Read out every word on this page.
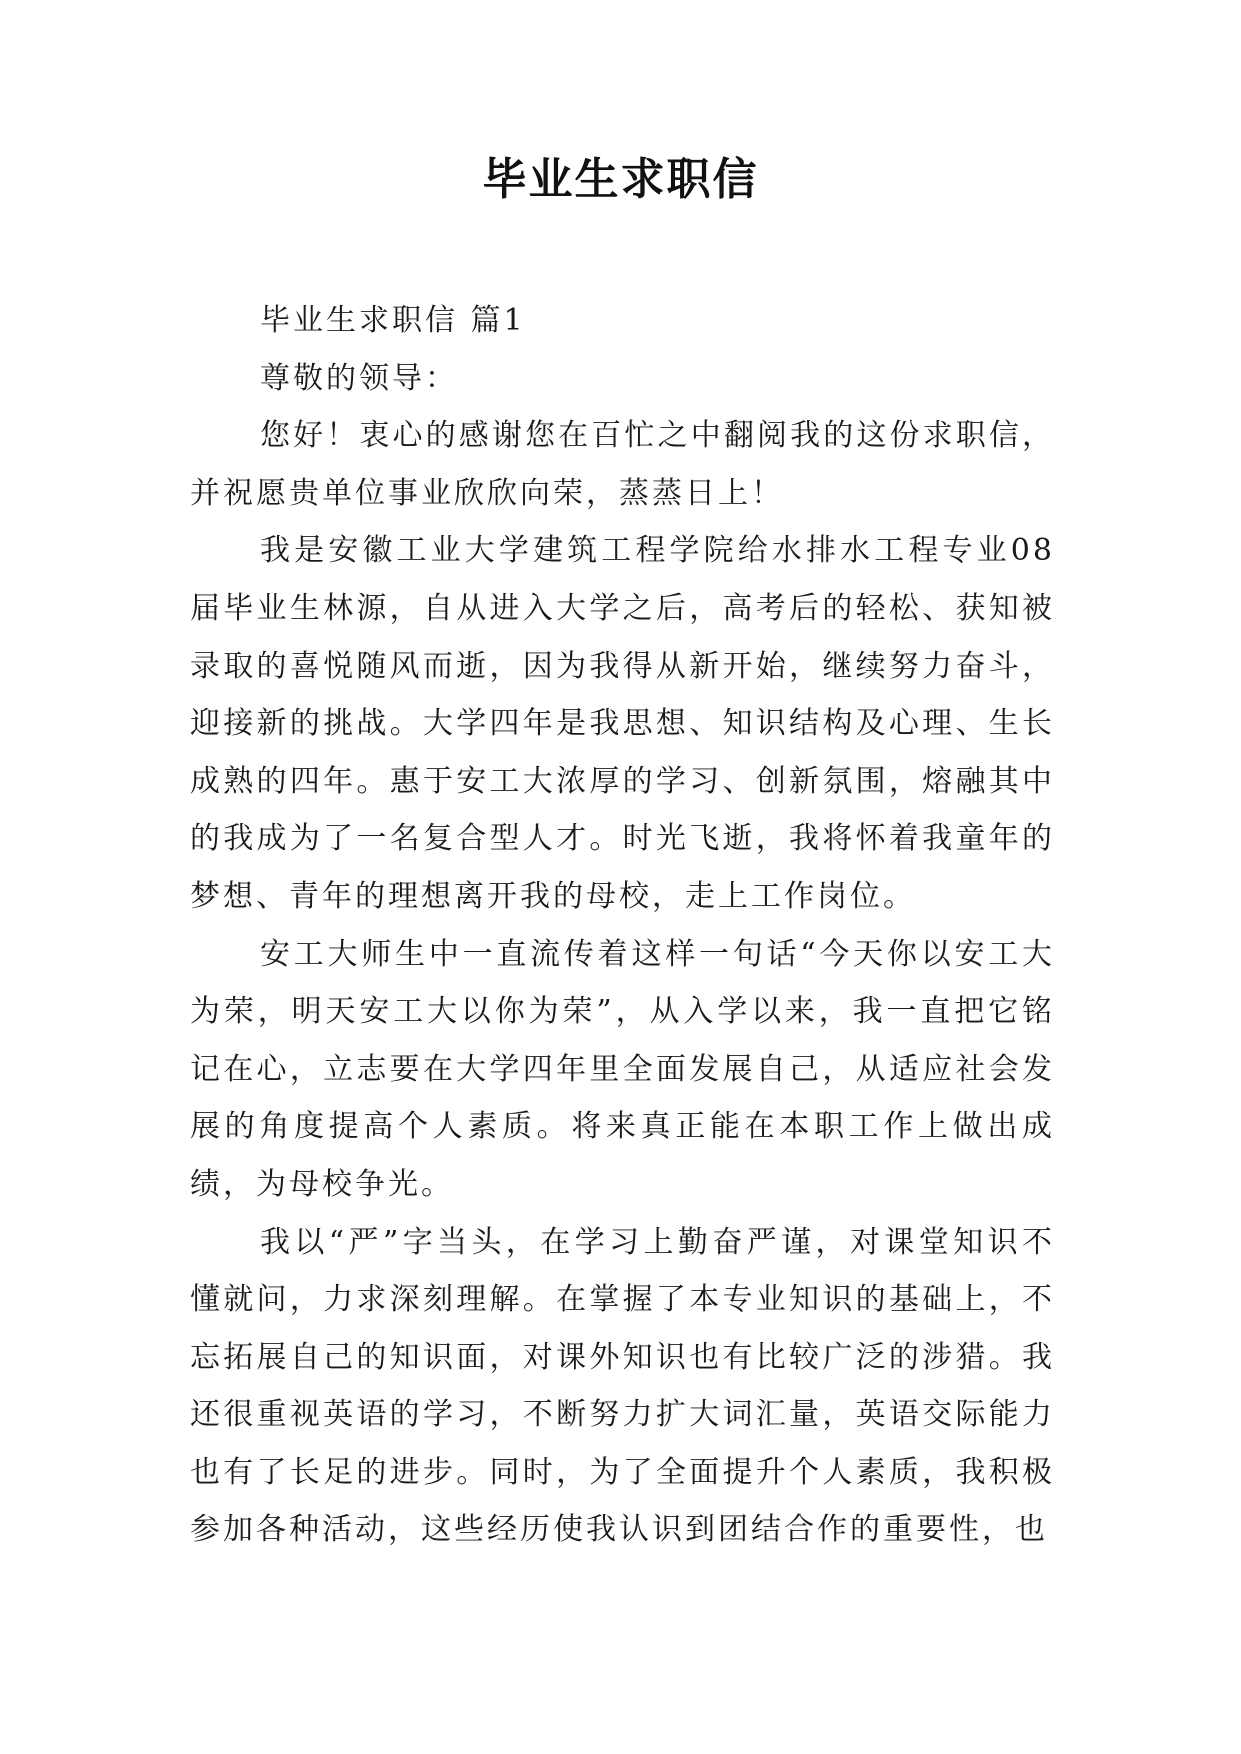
毕业生求职信

毕业生求职信 篇1

尊敬的领导：

您好！衷心的感谢您在百忙之中翻阅我的这份求职信，并祝愿贵单位事业欣欣向荣，蒸蒸日上！

我是安徽工业大学建筑工程学院给水排水工程专业08届毕业生林源，自从进入大学之后，高考后的轻松、获知被录取的喜悦随风而逝，因为我得从新开始，继续努力奋斗，迎接新的挑战。大学四年是我思想、知识结构及心理、生长成熟的四年。惠于安工大浓厚的学习、创新氛围，熔融其中的我成为了一名复合型人才。时光飞逝，我将怀着我童年的梦想、青年的理想离开我的母校，走上工作岗位。

安工大师生中一直流传着这样一句话“今天你以安工大为荣，明天安工大以你为荣”，从入学以来，我一直把它铭记在心，立志要在大学四年里全面发展自己，从适应社会发展的角度提高个人素质。将来真正能在本职工作上做出成绩，为母校争光。

我以“严”字当头，在学习上勤奋严谨，对课堂知识不懂就问，力求深刻理解。在掌握了本专业知识的基础上，不忘拓展自己的知识面，对课外知识也有比较广泛的涉猎。我还很重视英语的学习，不断努力扩大词汇量，英语交际能力也有了长足的进步。同时，为了全面提升个人素质，我积极参加各种活动，这些经历使我认识到团结合作的重要性，也
